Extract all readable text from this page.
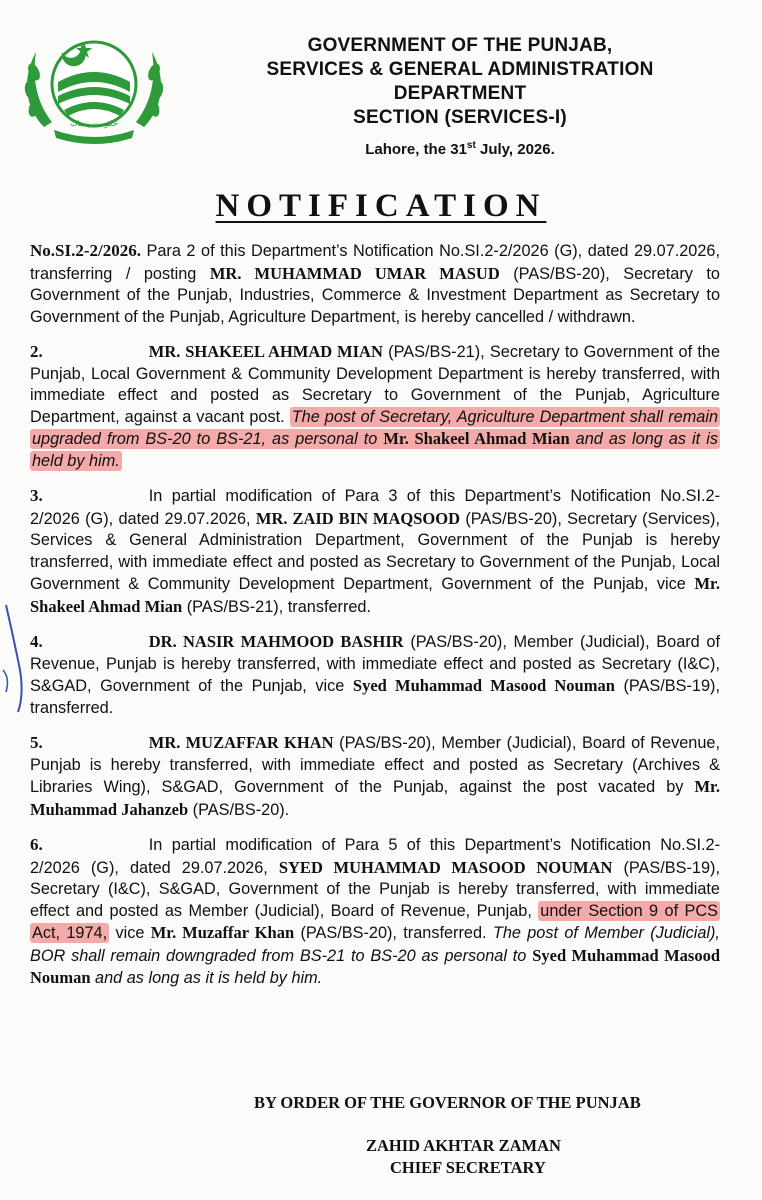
ﺣﮑﻮﻣﺖ ﭘﻨﺠﺎﺏ
GOVERNMENT OF THE PUNJAB,
SERVICES & GENERAL ADMINISTRATION
DEPARTMENT
SECTION (SERVICES-I)
Lahore, the 31st July, 2026.
NOTIFICATION

No.SI.2-2/2026. Para 2 of this Department’s Notification No.SI.2-2/2026 (G), dated 29.07.2026, transferring / posting MR. MUHAMMAD UMAR MASUD (PAS/BS-20), Secretary to Government of the Punjab, Industries, Commerce & Investment Department as Secretary to Government of the Punjab, Agriculture Department, is hereby cancelled / withdrawn.

2.	MR. SHAKEEL AHMAD MIAN (PAS/BS-21), Secretary to Government of the Punjab, Local Government & Community Development Department is hereby transferred, with immediate effect and posted as Secretary to Government of the Punjab, Agriculture Department, against a vacant post. The post of Secretary, Agriculture Department shall remain upgraded from BS-20 to BS-21, as personal to Mr. Shakeel Ahmad Mian and as long as it is held by him.

3.	In partial modification of Para 3 of this Department’s Notification No.SI.2-2/2026 (G), dated 29.07.2026, MR. ZAID BIN MAQSOOD (PAS/BS-20), Secretary (Services), Services & General Administration Department, Government of the Punjab is hereby transferred, with immediate effect and posted as Secretary to Government of the Punjab, Local Government & Community Development Department, Government of the Punjab, vice Mr. Shakeel Ahmad Mian (PAS/BS-21), transferred.

4.	DR. NASIR MAHMOOD BASHIR (PAS/BS-20), Member (Judicial), Board of Revenue, Punjab is hereby transferred, with immediate effect and posted as Secretary (I&C), S&GAD, Government of the Punjab, vice Syed Muhammad Masood Nouman (PAS/BS-19), transferred.

5.	MR. MUZAFFAR KHAN (PAS/BS-20), Member (Judicial), Board of Revenue, Punjab is hereby transferred, with immediate effect and posted as Secretary (Archives & Libraries Wing), S&GAD, Government of the Punjab, against the post vacated by Mr. Muhammad Jahanzeb (PAS/BS-20).

6.	In partial modification of Para 5 of this Department’s Notification No.SI.2-2/2026 (G), dated 29.07.2026, SYED MUHAMMAD MASOOD NOUMAN (PAS/BS-19), Secretary (I&C), S&GAD, Government of the Punjab is hereby transferred, with immediate effect and posted as Member (Judicial), Board of Revenue, Punjab, under Section 9 of PCS Act, 1974, vice Mr. Muzaffar Khan (PAS/BS-20), transferred. The post of Member (Judicial), BOR shall remain downgraded from BS-21 to BS-20 as personal to Syed Muhammad Masood Nouman and as long as it is held by him.

BY ORDER OF THE GOVERNOR OF THE PUNJAB
ZAHID AKHTAR ZAMAN
CHIEF SECRETARY
